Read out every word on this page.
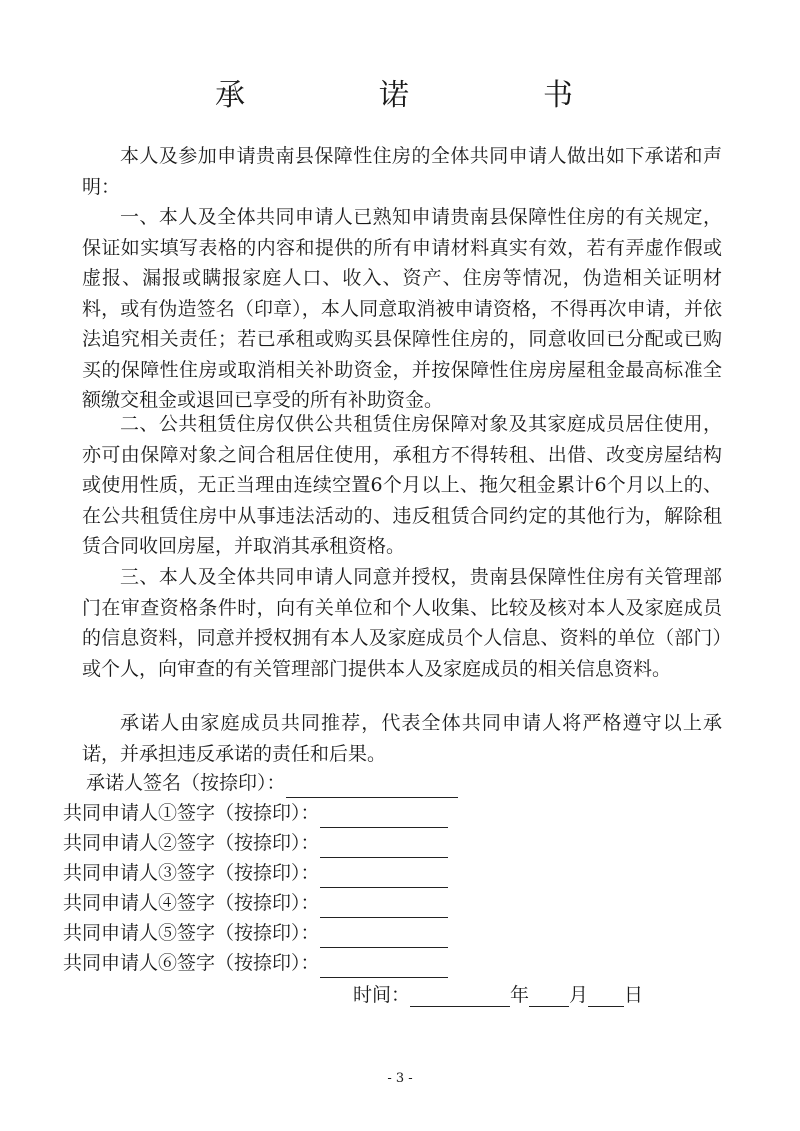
承　诺　书

本人及参加申请贵南县保障性住房的全体共同申请人做出如下承诺和声明：

一、本人及全体共同申请人已熟知申请贵南县保障性住房的有关规定，保证如实填写表格的内容和提供的所有申请材料真实有效，若有弄虚作假或虚报、漏报或瞒报家庭人口、收入、资产、住房等情况，伪造相关证明材料，或有伪造签名（印章），本人同意取消被申请资格，不得再次申请，并依法追究相关责任；若已承租或购买县保障性住房的，同意收回已分配或已购买的保障性住房或取消相关补助资金，并按保障性住房房屋租金最高标准全额缴交租金或退回已享受的所有补助资金。

二、公共租赁住房仅供公共租赁住房保障对象及其家庭成员居住使用，亦可由保障对象之间合租居住使用，承租方不得转租、出借、改变房屋结构或使用性质，无正当理由连续空置6个月以上、拖欠租金累计6个月以上的、在公共租赁住房中从事违法活动的、违反租赁合同约定的其他行为，解除租赁合同收回房屋，并取消其承租资格。

三、本人及全体共同申请人同意并授权，贵南县保障性住房有关管理部门在审查资格条件时，向有关单位和个人收集、比较及核对本人及家庭成员的信息资料，同意并授权拥有本人及家庭成员个人信息、资料的单位（部门）或个人，向审查的有关管理部门提供本人及家庭成员的相关信息资料。

承诺人由家庭成员共同推荐，代表全体共同申请人将严格遵守以上承诺，并承担违反承诺的责任和后果。

承诺人签名（按捺印）：
共同申请人①签字（按捺印）：
共同申请人②签字（按捺印）：
共同申请人③签字（按捺印）：
共同申请人④签字（按捺印）：
共同申请人⑤签字（按捺印）：
共同申请人⑥签字（按捺印）：
时间：	年 月 日
- 3 -
